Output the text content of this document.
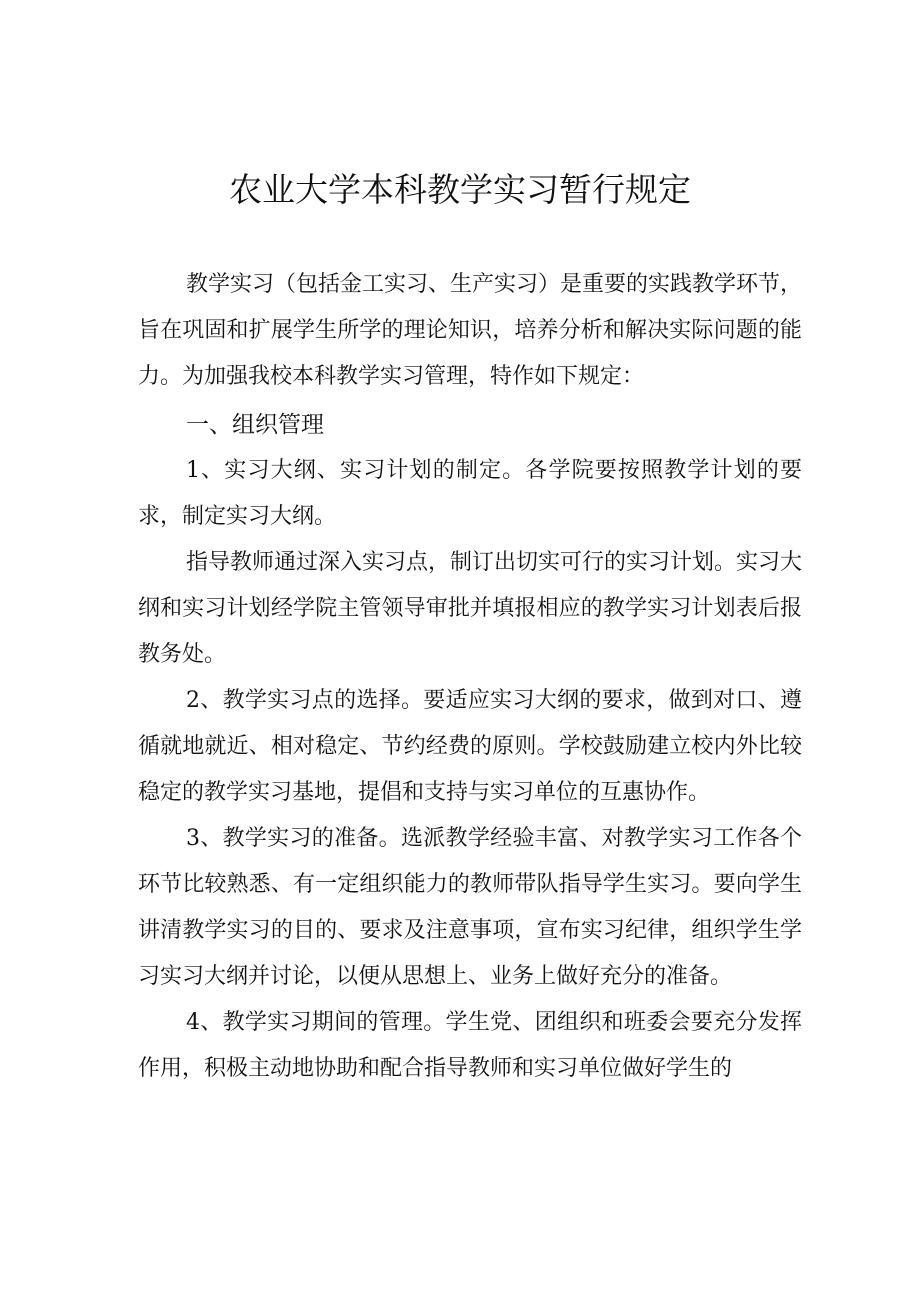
农业大学本科教学实习暂行规定

教学实习（包括金工实习、生产实习）是重要的实践教学环节，旨在巩固和扩展学生所学的理论知识，培养分析和解决实际问题的能力。为加强我校本科教学实习管理，特作如下规定：

一、组织管理

1、实习大纲、实习计划的制定。各学院要按照教学计划的要求，制定实习大纲。

指导教师通过深入实习点，制订出切实可行的实习计划。实习大纲和实习计划经学院主管领导审批并填报相应的教学实习计划表后报教务处。

2、教学实习点的选择。要适应实习大纲的要求，做到对口、遵循就地就近、相对稳定、节约经费的原则。学校鼓励建立校内外比较稳定的教学实习基地，提倡和支持与实习单位的互惠协作。

3、教学实习的准备。选派教学经验丰富、对教学实习工作各个环节比较熟悉、有一定组织能力的教师带队指导学生实习。要向学生讲清教学实习的目的、要求及注意事项，宣布实习纪律，组织学生学习实习大纲并讨论，以便从思想上、业务上做好充分的准备。

4、教学实习期间的管理。学生党、团组织和班委会要充分发挥作用，积极主动地协助和配合指导教师和实习单位做好学生的
